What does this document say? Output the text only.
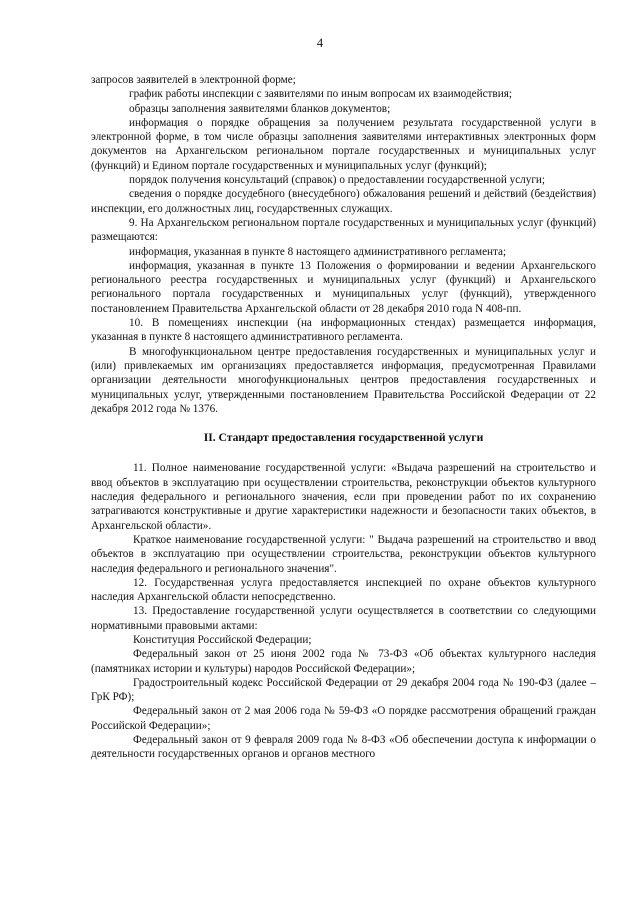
4

запросов заявителей в электронной форме;

график работы инспекции с заявителями по иным вопросам их взаимодействия;

образцы заполнения заявителями бланков документов;

информация о порядке обращения за получением результата государственной услуги в электронной форме, в том числе образцы заполнения заявителями интерактивных электронных форм документов на Архангельском региональном портале государственных и муниципальных услуг (функций) и Едином портале государственных и муниципальных услуг (функций);

порядок получения консультаций (справок) о предоставлении государственной услуги;

сведения о порядке досудебного (внесудебного) обжалования решений и действий (бездействия) инспекции, его должностных лиц, государственных служащих.

9. На Архангельском региональном портале государственных и муниципальных услуг (функций) размещаются:

информация, указанная в пункте 8 настоящего административного регламента;

информация, указанная в пункте 13 Положения о формировании и ведении Архангельского регионального реестра государственных и муниципальных услуг (функций) и Архангельского регионального портала государственных и муниципальных услуг (функций), утвержденного постановлением Правительства Архангельской области от 28 декабря 2010 года N 408-пп.

10. В помещениях инспекции (на информационных стендах) размещается информация, указанная в пункте 8 настоящего административного регламента.

В многофункциональном центре предоставления государственных и муниципальных услуг и (или) привлекаемых им организациях предоставляется информация, предусмотренная Правилами организации деятельности многофункциональных центров предоставления государственных и муниципальных услуг, утвержденными постановлением Правительства Российской Федерации от 22 декабря 2012 года № 1376.

II. Стандарт предоставления государственной услуги

11. Полное наименование государственной услуги: «Выдача разрешений на строительство и ввод объектов в эксплуатацию при осуществлении строительства, реконструкции объектов культурного наследия федерального и регионального значения, если при проведении работ по их сохранению затрагиваются конструктивные и другие характеристики надежности и безопасности таких объектов, в Архангельской области».

Краткое наименование государственной услуги: " Выдача разрешений на строительство и ввод объектов в эксплуатацию при осуществлении строительства, реконструкции объектов культурного наследия федерального и регионального значения".

12. Государственная услуга предоставляется инспекцией по охране объектов культурного наследия Архангельской области непосредственно.

13. Предоставление государственной услуги осуществляется в соответствии со следующими нормативными правовыми актами:

Конституция Российской Федерации;

Федеральный закон от 25 июня 2002 года № 73-ФЗ «Об объектах культурного наследия (памятниках истории и культуры) народов Российской Федерации»;

Градостроительный кодекс Российской Федерации от 29 декабря 2004 года № 190-ФЗ (далее – ГрК РФ);

Федеральный закон от 2 мая 2006 года № 59-ФЗ «О порядке рассмотрения обращений граждан Российской Федерации»;

Федеральный закон от 9 февраля 2009 года № 8-ФЗ «Об обеспечении доступа к информации о деятельности государственных органов и органов местного
